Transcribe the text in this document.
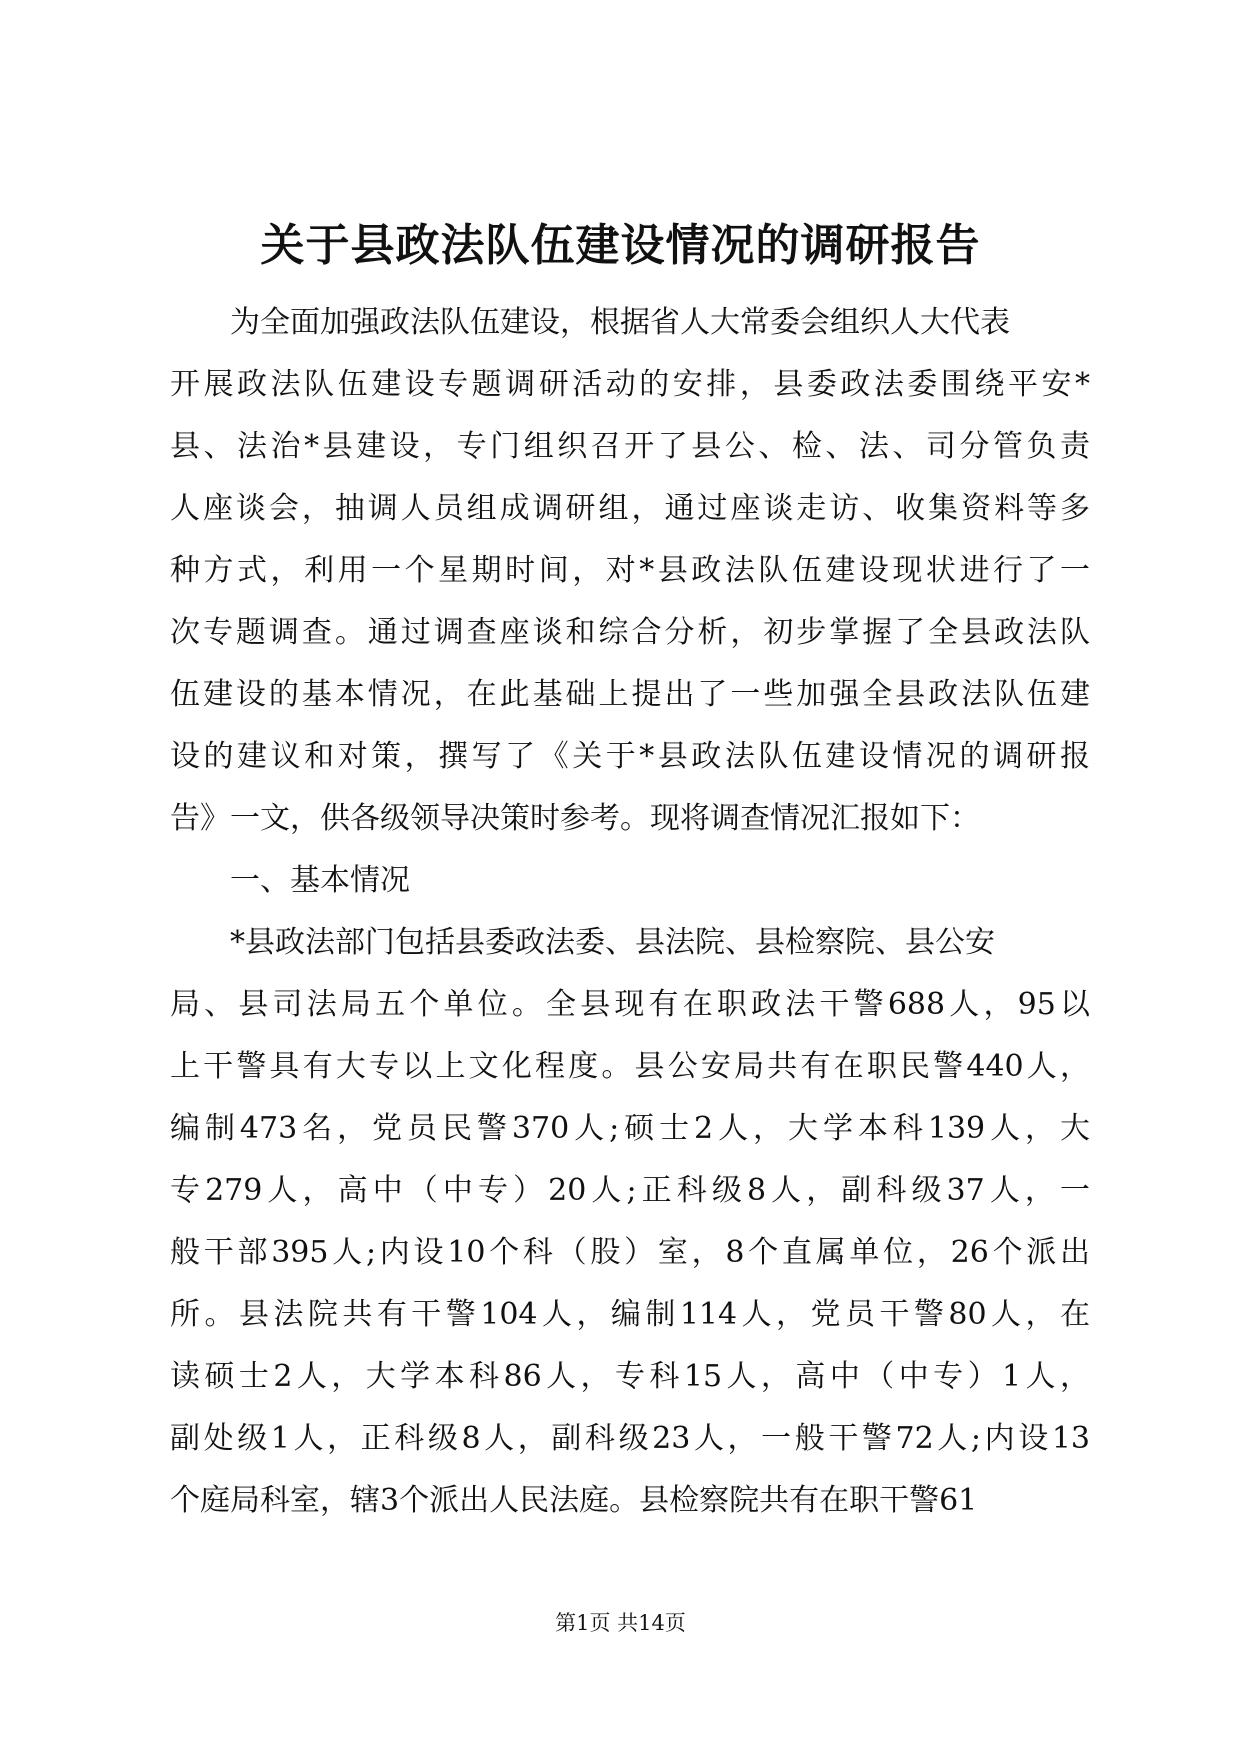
关于县政法队伍建设情况的调研报告
为全面加强政法队伍建设，根据省人大常委会组织人大代表
开展政法队伍建设专题调研活动的安排，县委政法委围绕平安*
县、法治*县建设，专门组织召开了县公、检、法、司分管负责
人座谈会，抽调人员组成调研组，通过座谈走访、收集资料等多
种方式，利用一个星期时间，对*县政法队伍建设现状进行了一
次专题调查。通过调查座谈和综合分析，初步掌握了全县政法队
伍建设的基本情况，在此基础上提出了一些加强全县政法队伍建
设的建议和对策，撰写了《关于*县政法队伍建设情况的调研报
告》一文，供各级领导决策时参考。现将调查情况汇报如下：
一、基本情况
*县政法部门包括县委政法委、县法院、县检察院、县公安
局、县司法局五个单位。全县现有在职政法干警688人，95以
上干警具有大专以上文化程度。县公安局共有在职民警440人，
编制473名，党员民警370人;硕士2人，大学本科139人，大
专279人，高中（中专）20人;正科级8人，副科级37人，一
般干部395人;内设10个科（股）室，8个直属单位，26个派出
所。县法院共有干警104人，编制114人，党员干警80人，在
读硕士2人，大学本科86人，专科15人，高中（中专）1人，
副处级1人，正科级8人，副科级23人，一般干警72人;内设13
个庭局科室，辖3个派出人民法庭。县检察院共有在职干警61
第1页 共14页
